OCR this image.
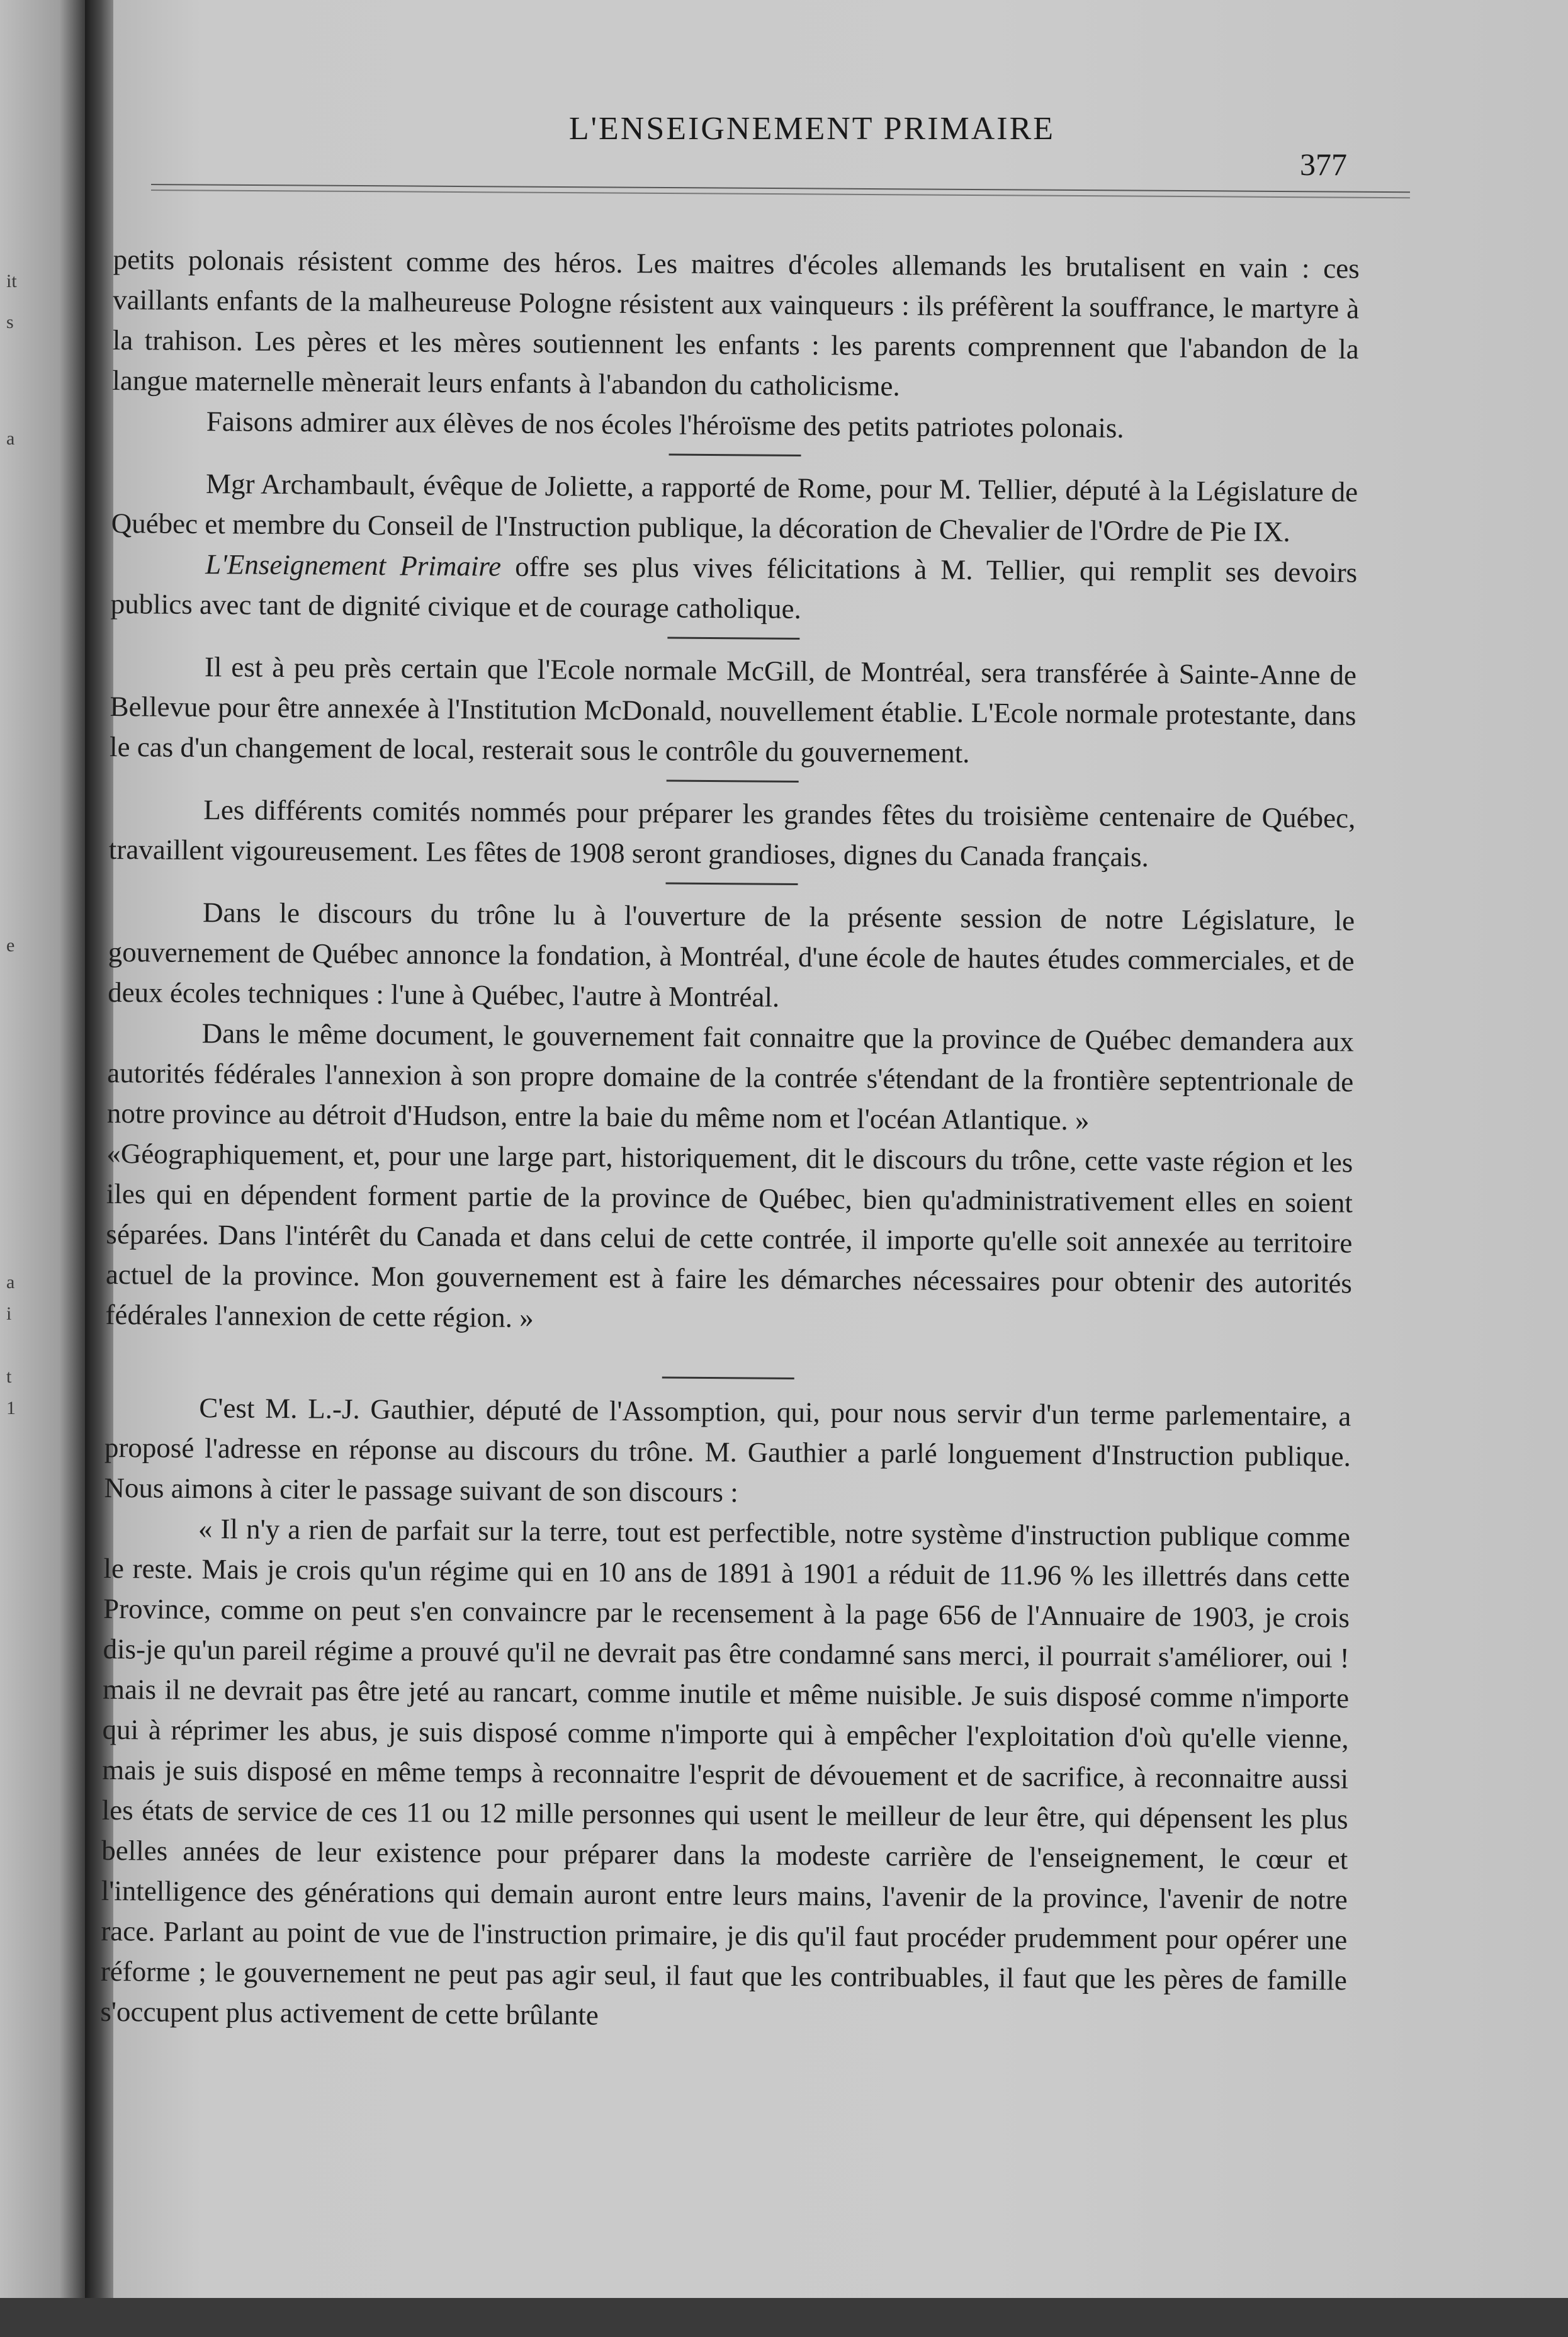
it
s
a
e
a
i
t
1
L'ENSEIGNEMENT PRIMAIRE
377

petits polonais résistent comme des héros. Les maitres d'écoles allemands les brutalisent en vain : ces vaillants enfants de la malheureuse Pologne résistent aux vainqueurs : ils préfèrent la souffrance, le martyre à la trahison. Les pères et les mères soutiennent les enfants : les parents comprennent que l'abandon de la langue maternelle mènerait leurs enfants à l'abandon du catholicisme.

Faisons admirer aux élèves de nos écoles l'héroïsme des petits patriotes polonais.

Mgr Archambault, évêque de Joliette, a rapporté de Rome, pour M. Tellier, député à la Législature de Québec et membre du Conseil de l'Instruction publique, la décoration de Chevalier de l'Ordre de Pie IX.

L'Enseignement Primaire offre ses plus vives félicitations à M. Tellier, qui remplit ses devoirs publics avec tant de dignité civique et de courage catholique.

Il est à peu près certain que l'Ecole normale McGill, de Montréal, sera transférée à Sainte-Anne de Bellevue pour être annexée à l'Institution McDonald, nouvellement établie. L'Ecole normale protestante, dans le cas d'un changement de local, resterait sous le contrôle du gouvernement.

Les différents comités nommés pour préparer les grandes fêtes du troisième centenaire de Québec, travaillent vigoureusement. Les fêtes de 1908 seront grandioses, dignes du Canada français.

Dans le discours du trône lu à l'ouverture de la présente session de notre Législature, le gouvernement de Québec annonce la fondation, à Montréal, d'une école de hautes études commerciales, et de deux écoles techniques : l'une à Québec, l'autre à Montréal.

Dans le même document, le gouvernement fait connaitre que la province de Québec demandera aux autorités fédérales l'annexion à son propre domaine de la contrée s'étendant de la frontière septentrionale de notre province au détroit d'Hudson, entre la baie du même nom et l'océan Atlantique. »

«Géographiquement, et, pour une large part, historiquement, dit le discours du trône, cette vaste région et les iles qui en dépendent forment partie de la province de Québec, bien qu'administrativement elles en soient séparées. Dans l'intérêt du Canada et dans celui de cette contrée, il importe qu'elle soit annexée au territoire actuel de la province. Mon gouvernement est à faire les démarches nécessaires pour obtenir des autorités fédérales l'annexion de cette région. »

C'est M. L.-J. Gauthier, député de l'Assomption, qui, pour nous servir d'un terme parlementaire, a proposé l'adresse en réponse au discours du trône. M. Gauthier a parlé longuement d'Instruction publique. Nous aimons à citer le passage suivant de son discours :

« Il n'y a rien de parfait sur la terre, tout est perfectible, notre système d'instruction publique comme le reste. Mais je crois qu'un régime qui en 10 ans de 1891 à 1901 a réduit de 11.96 % les illettrés dans cette Province, comme on peut s'en convaincre par le recensement à la page 656 de l'Annuaire de 1903, je crois dis-je qu'un pareil régime a prouvé qu'il ne devrait pas être condamné sans merci, il pourrait s'améliorer, oui ! mais il ne devrait pas être jeté au rancart, comme inutile et même nuisible. Je suis disposé comme n'importe qui à réprimer les abus, je suis disposé comme n'importe qui à empêcher l'exploitation d'où qu'elle vienne, mais je suis disposé en même temps à reconnaitre l'esprit de dévouement et de sacrifice, à reconnaitre aussi les états de service de ces 11 ou 12 mille personnes qui usent le meilleur de leur être, qui dépensent les plus belles années de leur existence pour préparer dans la modeste carrière de l'enseignement, le cœur et l'intelligence des générations qui demain auront entre leurs mains, l'avenir de la province, l'avenir de notre race. Parlant au point de vue de l'instruction primaire, je dis qu'il faut procéder prudemment pour opérer une réforme ; le gouvernement ne peut pas agir seul, il faut que les contribuables, il faut que les pères de famille s'occupent plus activement de cette brûlante
